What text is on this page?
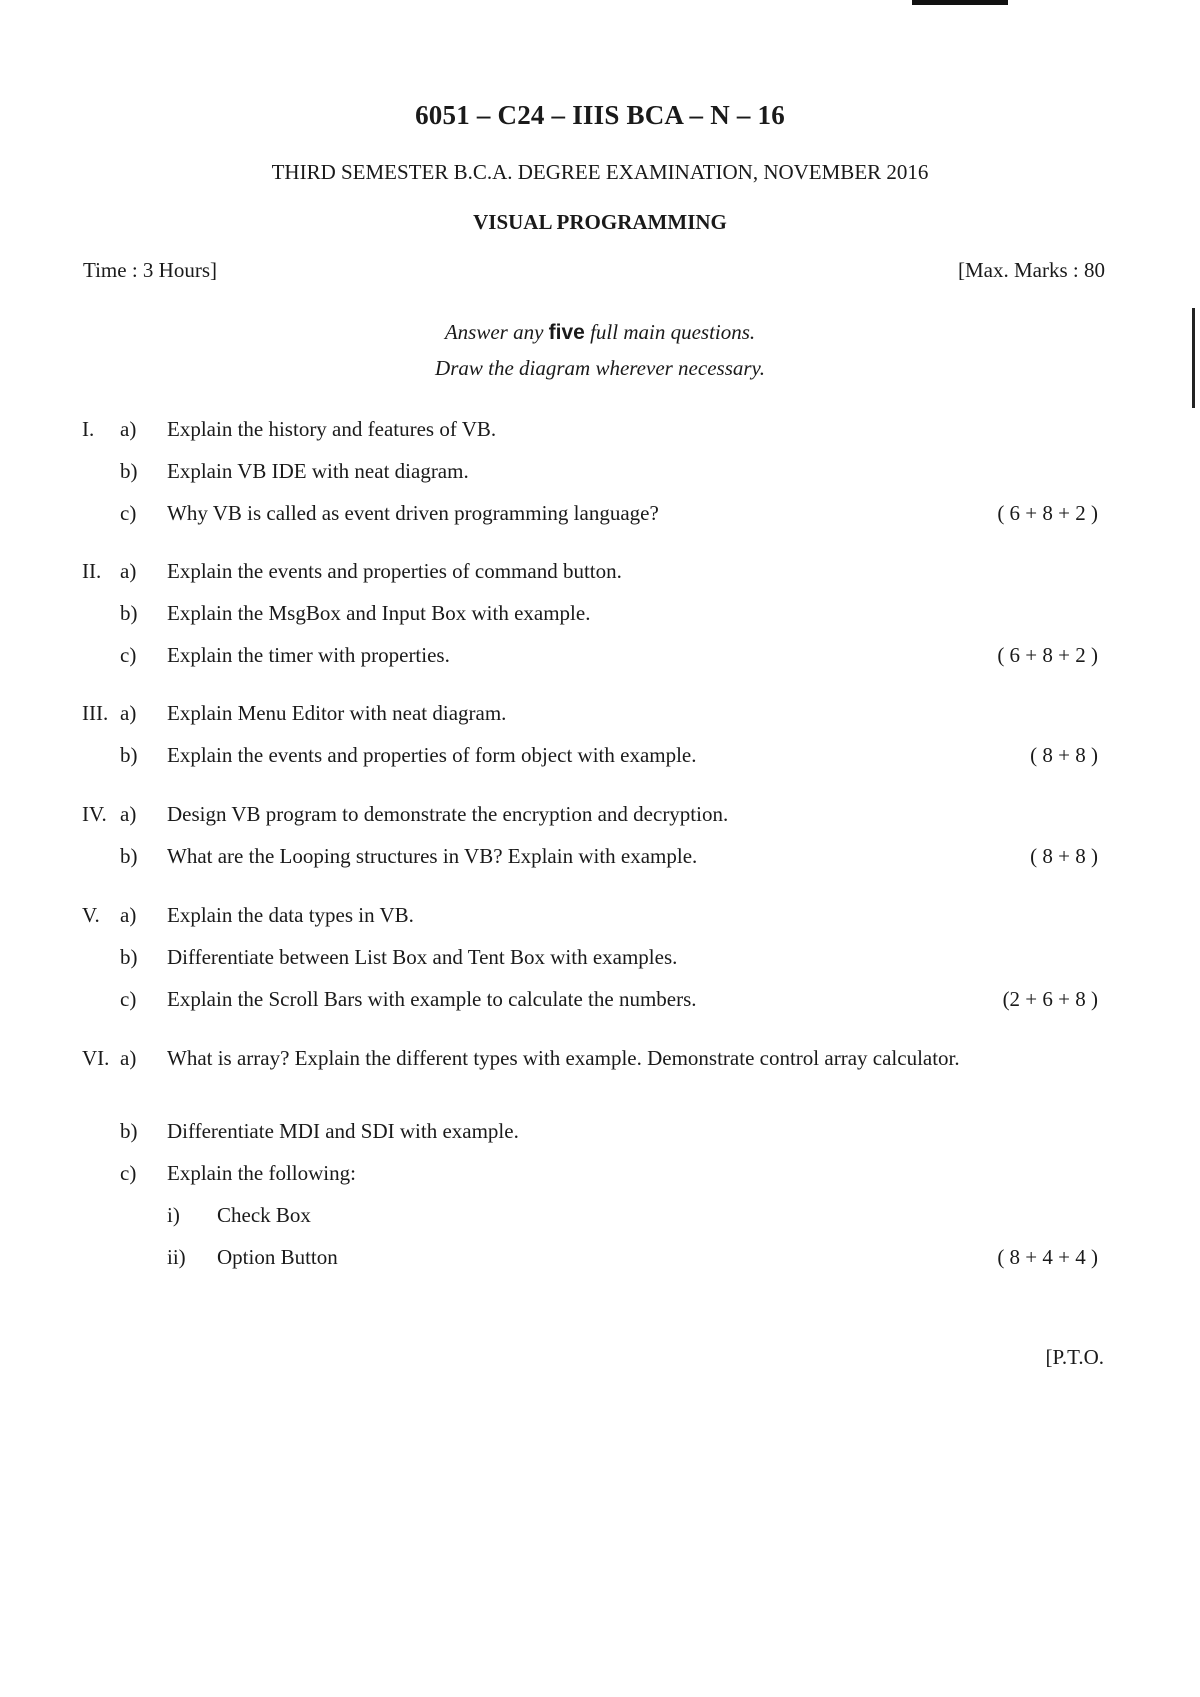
6051 – C24 – IIIS BCA – N – 16
THIRD SEMESTER B.C.A. DEGREE EXAMINATION, NOVEMBER 2016
VISUAL PROGRAMMING
Time : 3 Hours]	[Max. Marks : 80
Answer any five full main questions.
Draw the diagram wherever necessary.
I. a) Explain the history and features of VB.
b) Explain VB IDE with neat diagram.
c) Why VB is called as event driven programming language?	( 6 + 8 + 2 )
II. a) Explain the events and properties of command button.
b) Explain the MsgBox and Input Box with example.
c) Explain the timer with properties.	( 6 + 8 + 2 )
III. a) Explain Menu Editor with neat diagram.
b) Explain the events and properties of form object with example.	( 8 + 8 )
IV. a) Design VB program to demonstrate the encryption and decryption.
b) What are the Looping structures in VB? Explain with example.	( 8 + 8 )
V. a) Explain the data types in VB.
b) Differentiate between List Box and Tent Box with examples.
c) Explain the Scroll Bars with example to calculate the numbers.	(2 + 6 + 8 )
VI. a) What is array? Explain the different types with example. Demonstrate control array calculator.
b) Differentiate MDI and SDI with example.
c) Explain the following:
i) Check Box
ii) Option Button	( 8 + 4 + 4 )
[P.T.O.
